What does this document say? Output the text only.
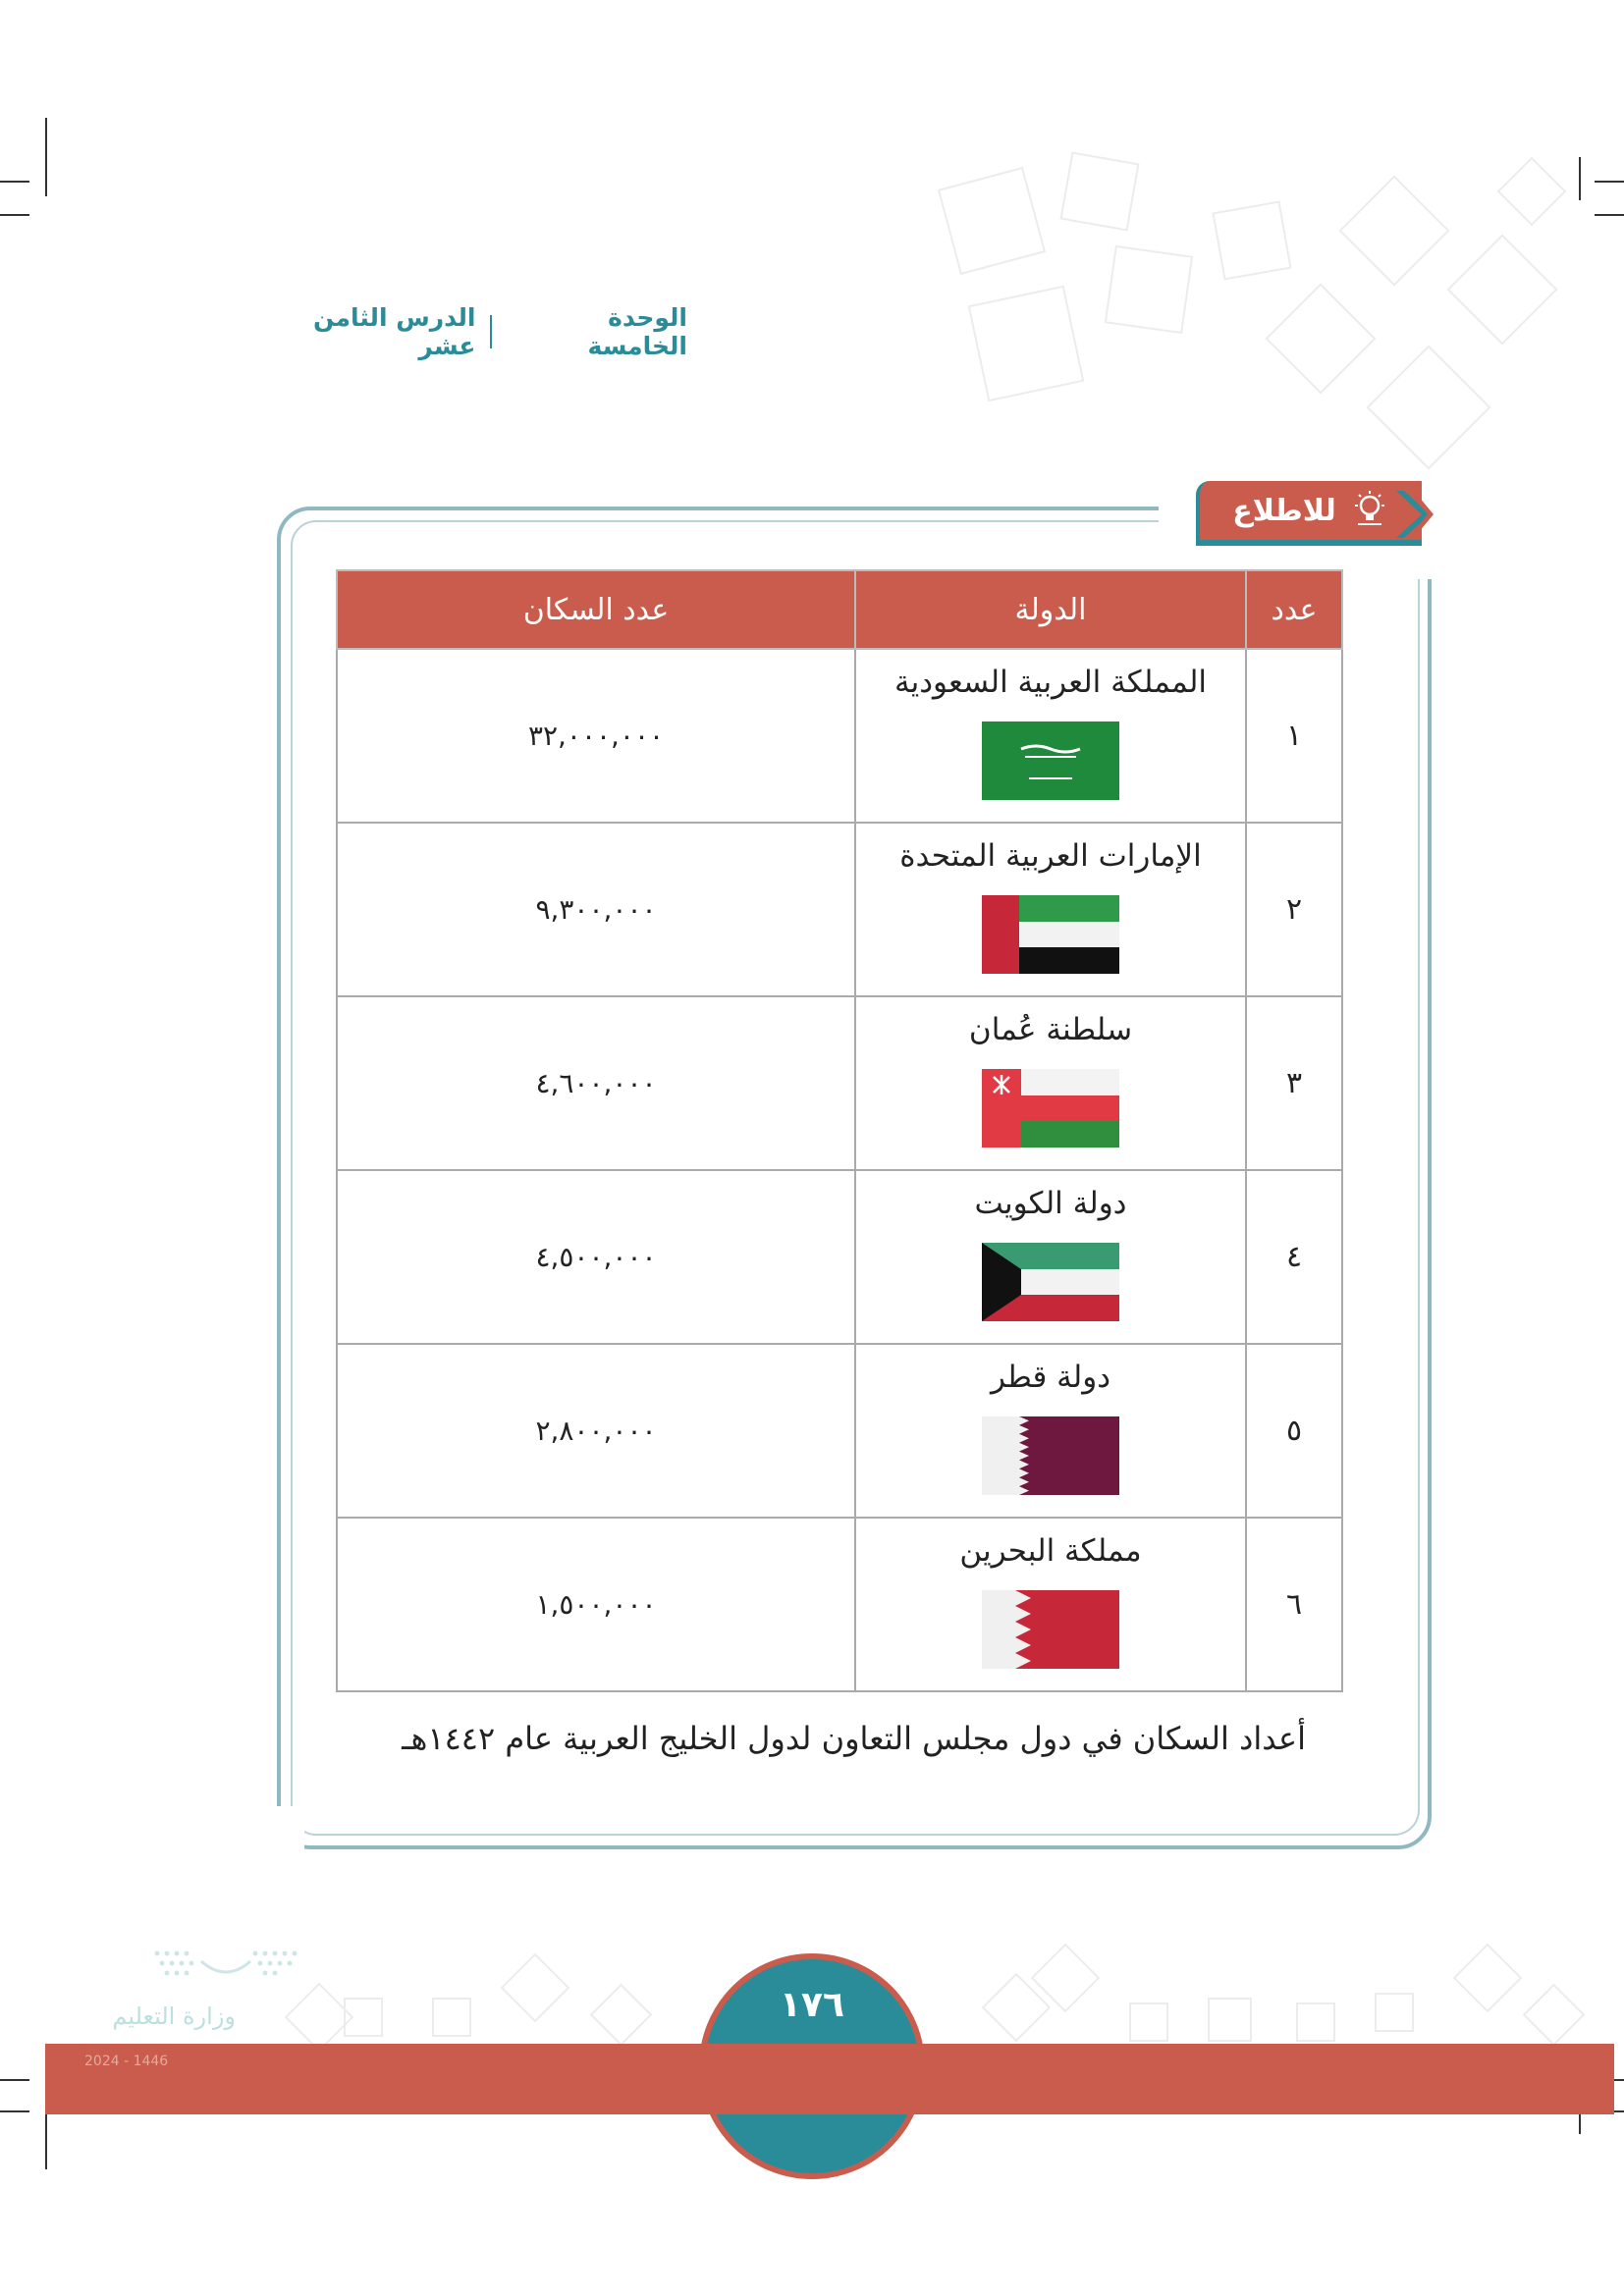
الوحدة الخامسة
الدرس الثامن عشر
للاطلاع
عدد	الدولة	عدد السكان
١	المملكة العربية السعودية	٣٢,٠٠٠,٠٠٠
٢	الإمارات العربية المتحدة	٩,٣٠٠,٠٠٠
٣	سلطنة عُمان	٤,٦٠٠,٠٠٠
٤	دولة الكويت	٤,٥٠٠,٠٠٠
٥	دولة قطر	٢,٨٠٠,٠٠٠
٦	مملكة البحرين	١,٥٠٠,٠٠٠
أعداد السكان في دول مجلس التعاون لدول الخليج العربية عام ١٤٤٢هـ
وزارة التعليم	١٧٦
2024 - 1446
